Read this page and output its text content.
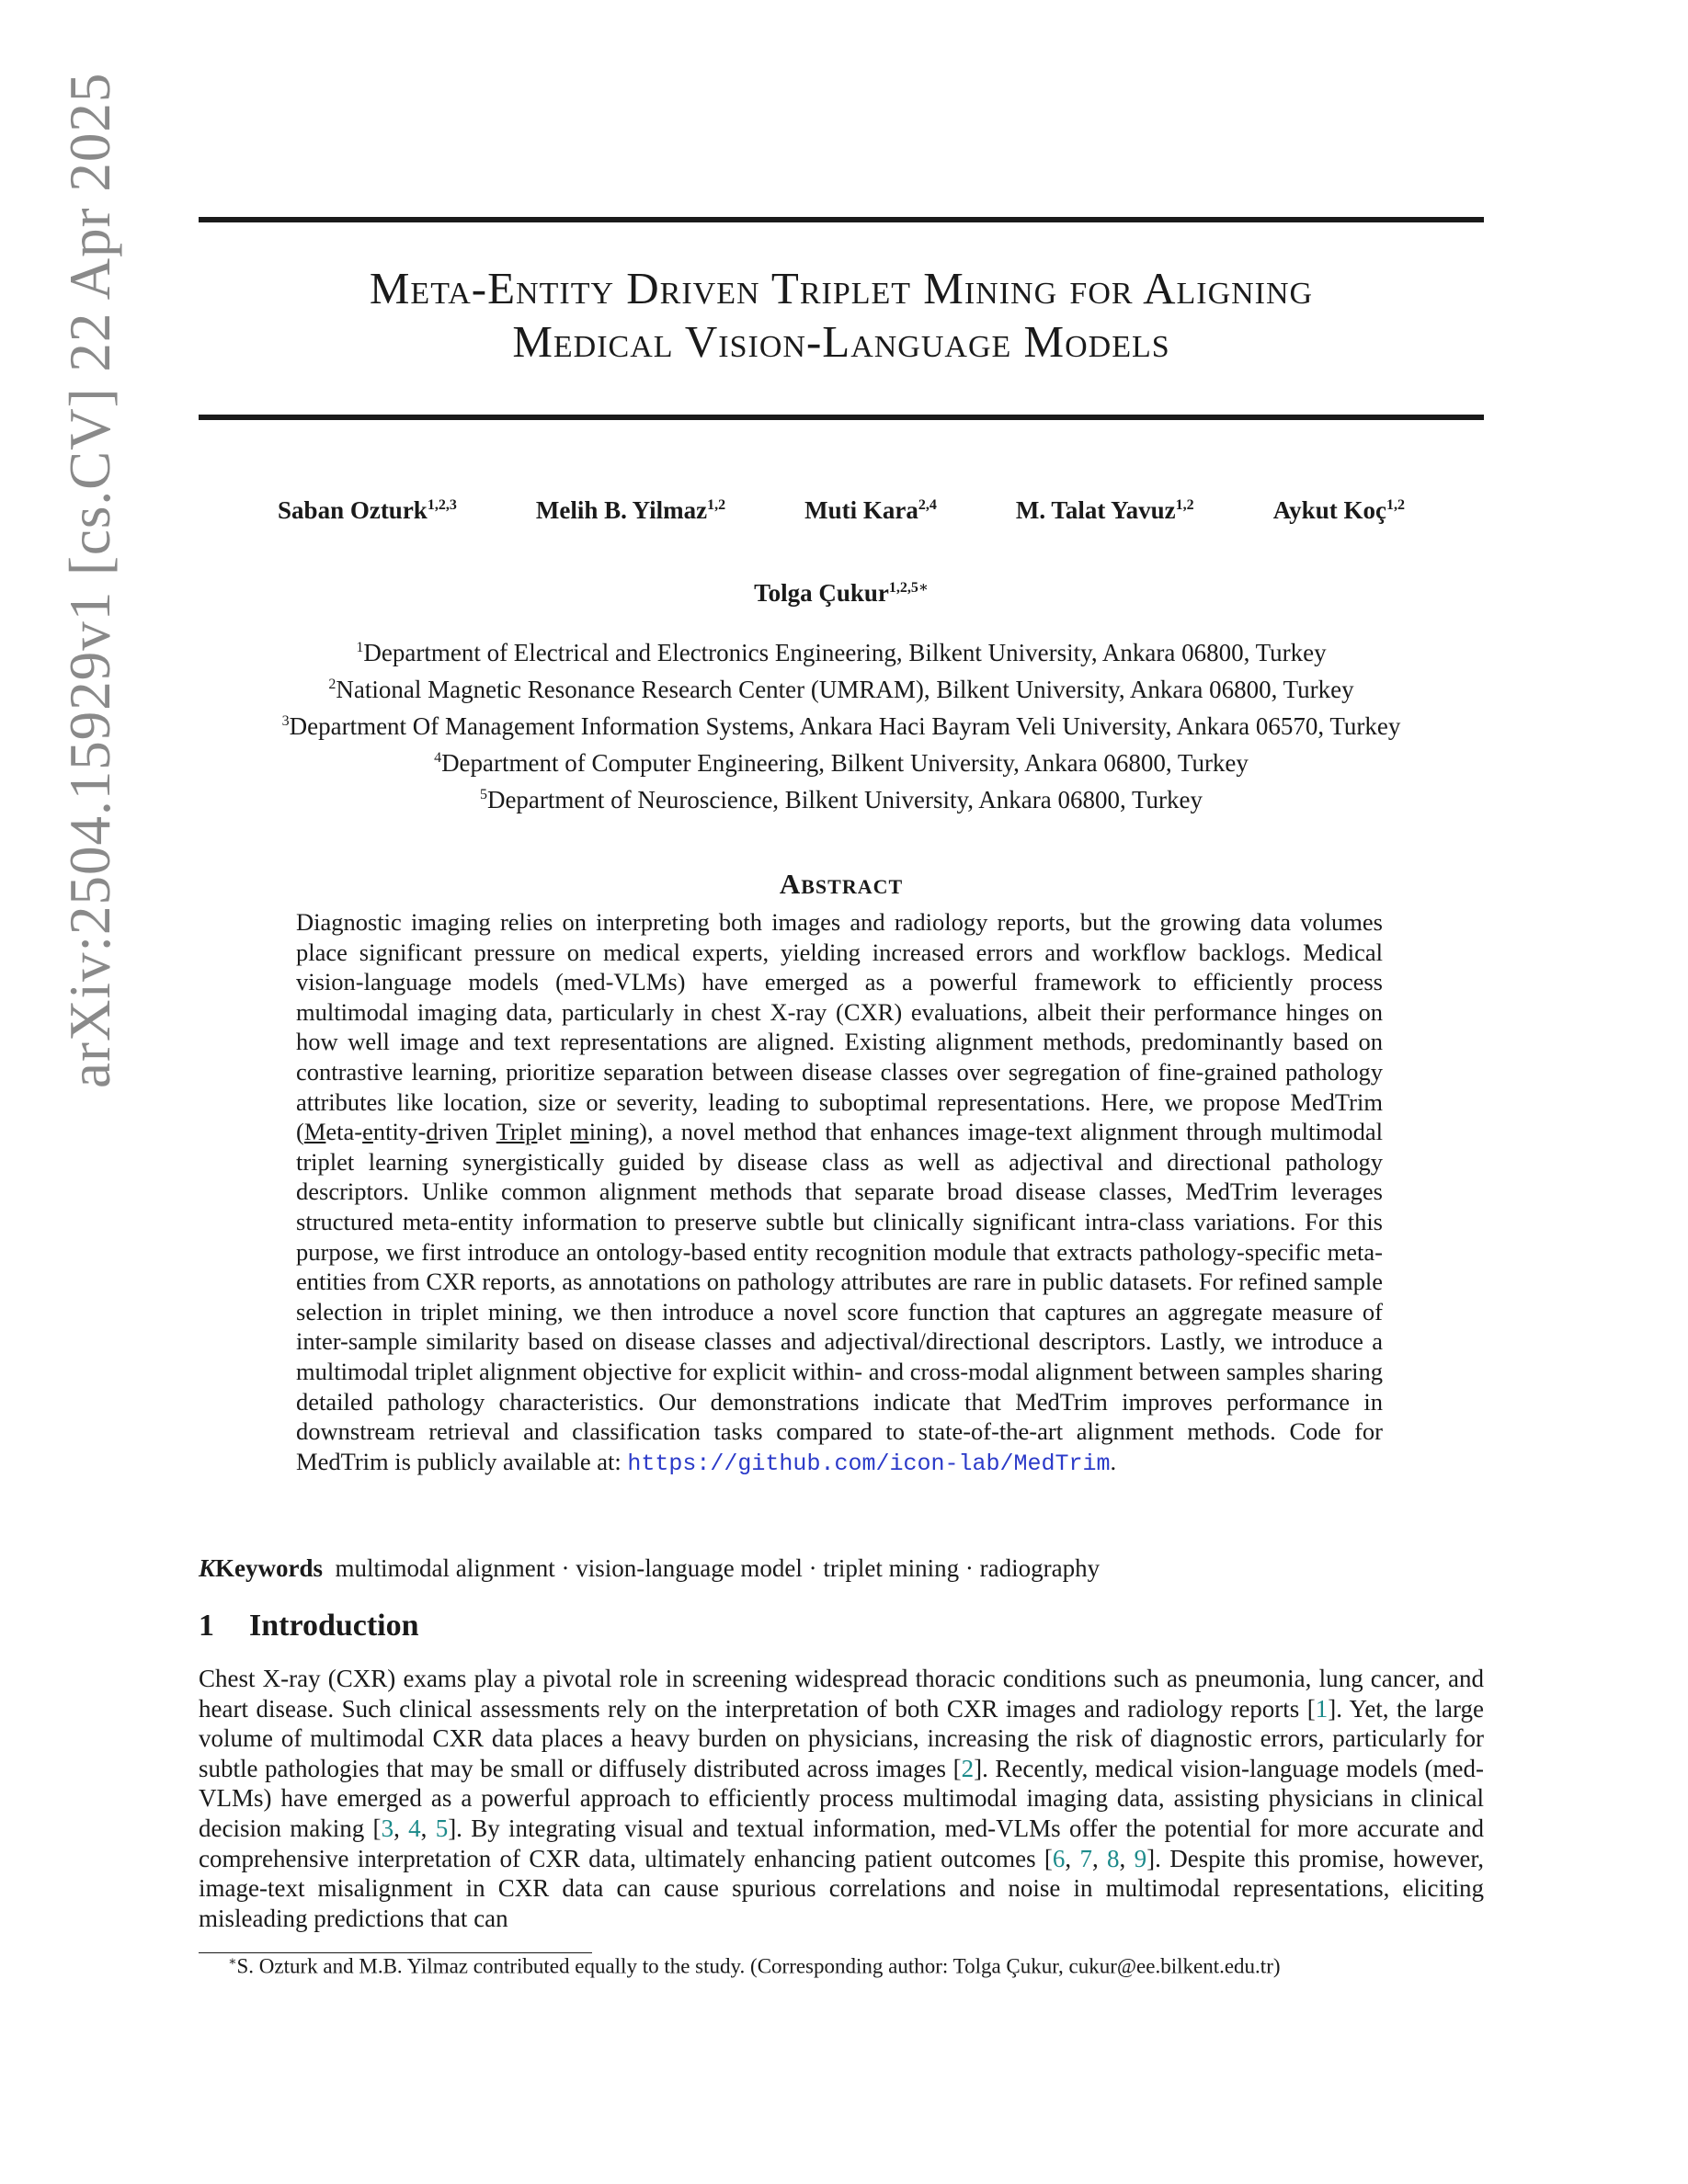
arXiv:2504.15929v1 [cs.CV] 22 Apr 2025	Meta-Entity Driven Triplet Mining for Aligning
Medical Vision-Language Models
Saban Ozturk$^{1,2,3}$	Melih B. Yilmaz$^{1,2}$	Muti Kara$^{2,4}$	M. Talat Yavuz$^{1,2}$	Aykut Koç$^{1,2}$
Tolga Çukur$^{1,2,5∗}$
$^1$Department of Electrical and Electronics Engineering, Bilkent University, Ankara 06800, Turkey
$^2$National Magnetic Resonance Research Center (UMRAM), Bilkent University, Ankara 06800, Turkey
$^3$Department Of Management Information Systems, Ankara Haci Bayram Veli University, Ankara 06570, Turkey
$^4$Department of Computer Engineering, Bilkent University, Ankara 06800, Turkey
$^5$Department of Neuroscience, Bilkent University, Ankara 06800, Turkey
Abstract
Diagnostic imaging relies on interpreting both images and radiology reports, but the growing data volumes place significant pressure on medical experts, yielding increased errors and workflow backlogs. Medical vision-language models (med-VLMs) have emerged as a powerful framework to efficiently process multimodal imaging data, particularly in chest X-ray (CXR) evaluations, albeit their performance hinges on how well image and text representations are aligned. Existing alignment methods, predominantly based on contrastive learning, prioritize separation between disease classes over segregation of fine-grained pathology attributes like location, size or severity, leading to suboptimal representations. Here, we propose MedTrim (Meta-entity-driven Triplet mining), a novel method that enhances image-text alignment through multimodal triplet learning synergistically guided by disease class as well as adjectival and directional pathology descriptors. Unlike common alignment methods that separate broad disease classes, MedTrim leverages structured meta-entity information to preserve subtle but clinically significant intra-class variations. For this purpose, we first introduce an ontology-based entity recognition module that extracts pathology-specific meta-entities from CXR reports, as annotations on pathology attributes are rare in public datasets. For refined sample selection in triplet mining, we then introduce a novel score function that captures an aggregate measure of inter-sample similarity based on disease classes and adjectival/directional descriptors. Lastly, we introduce a multimodal triplet alignment objective for explicit within- and cross-modal alignment between samples sharing detailed pathology characteristics. Our demonstrations indicate that MedTrim improves performance in downstream retrieval and classification tasks compared to state-of-the-art alignment methods. Code for MedTrim is publicly available at: https://github.com/icon-lab/MedTrim.
KKeywords multimodal alignment · vision-language model · triplet mining · radiography
1 Introduction
Chest X-ray (CXR) exams play a pivotal role in screening widespread thoracic conditions such as pneumonia, lung cancer, and heart disease. Such clinical assessments rely on the interpretation of both CXR images and radiology reports [1]. Yet, the large volume of multimodal CXR data places a heavy burden on physicians, increasing the risk of diagnostic errors, particularly for subtle pathologies that may be small or diffusely distributed across images [2]. Recently, medical vision-language models (med-VLMs) have emerged as a powerful approach to efficiently process multimodal imaging data, assisting physicians in clinical decision making [3, 4, 5]. By integrating visual and textual information, med-VLMs offer the potential for more accurate and comprehensive interpretation of CXR data, ultimately enhancing patient outcomes [6, 7, 8, 9]. Despite this promise, however, image-text misalignment in CXR data can cause spurious correlations and noise in multimodal representations, eliciting misleading predictions that can
∗S. Ozturk and M.B. Yilmaz contributed equally to the study. (Corresponding author: Tolga Çukur, cukur@ee.bilkent.edu.tr)
